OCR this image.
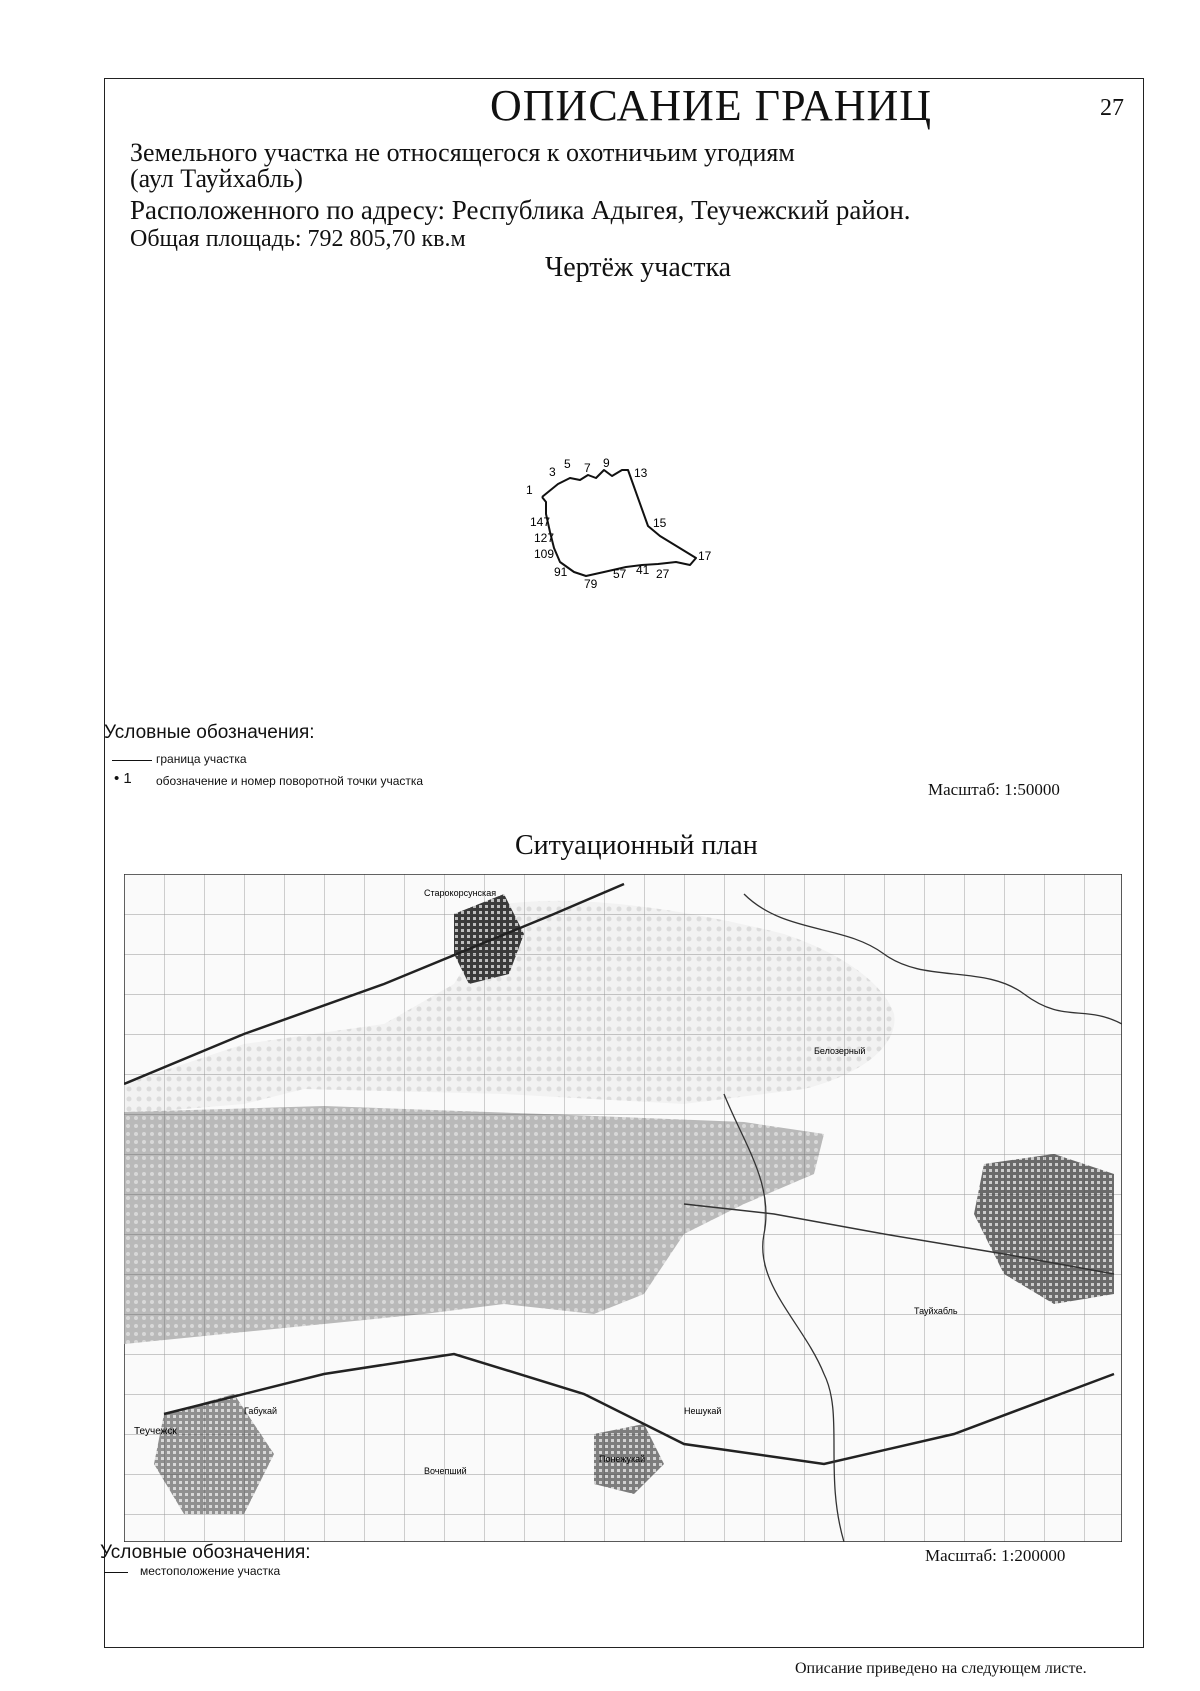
ОПИСАНИЕ ГРАНИЦ	27
Земельного участка не относящегося к охотничьим угодиям
(аул Тауйхабль)
Расположенного по адресу: Республика Адыгея, Теучежский район.
Общая площадь: 792 805,70 кв.м
Чертёж участка
1
3
5 7 9
13
15
17
27
41
57
79
91
109
127
147
Условные обозначения:
граница участка
• 1 обозначение и номер поворотной точки участка	Масштаб: 1:50000
Ситуационный план
Старокорсунская
Теучежск
Понежукай
Тауйхабль
Нешукай
Вочепший
Габукай
Белозерный
Условные обозначения:
местоположение участка
Масштаб: 1:200000
Описание приведено на следующем листе.
